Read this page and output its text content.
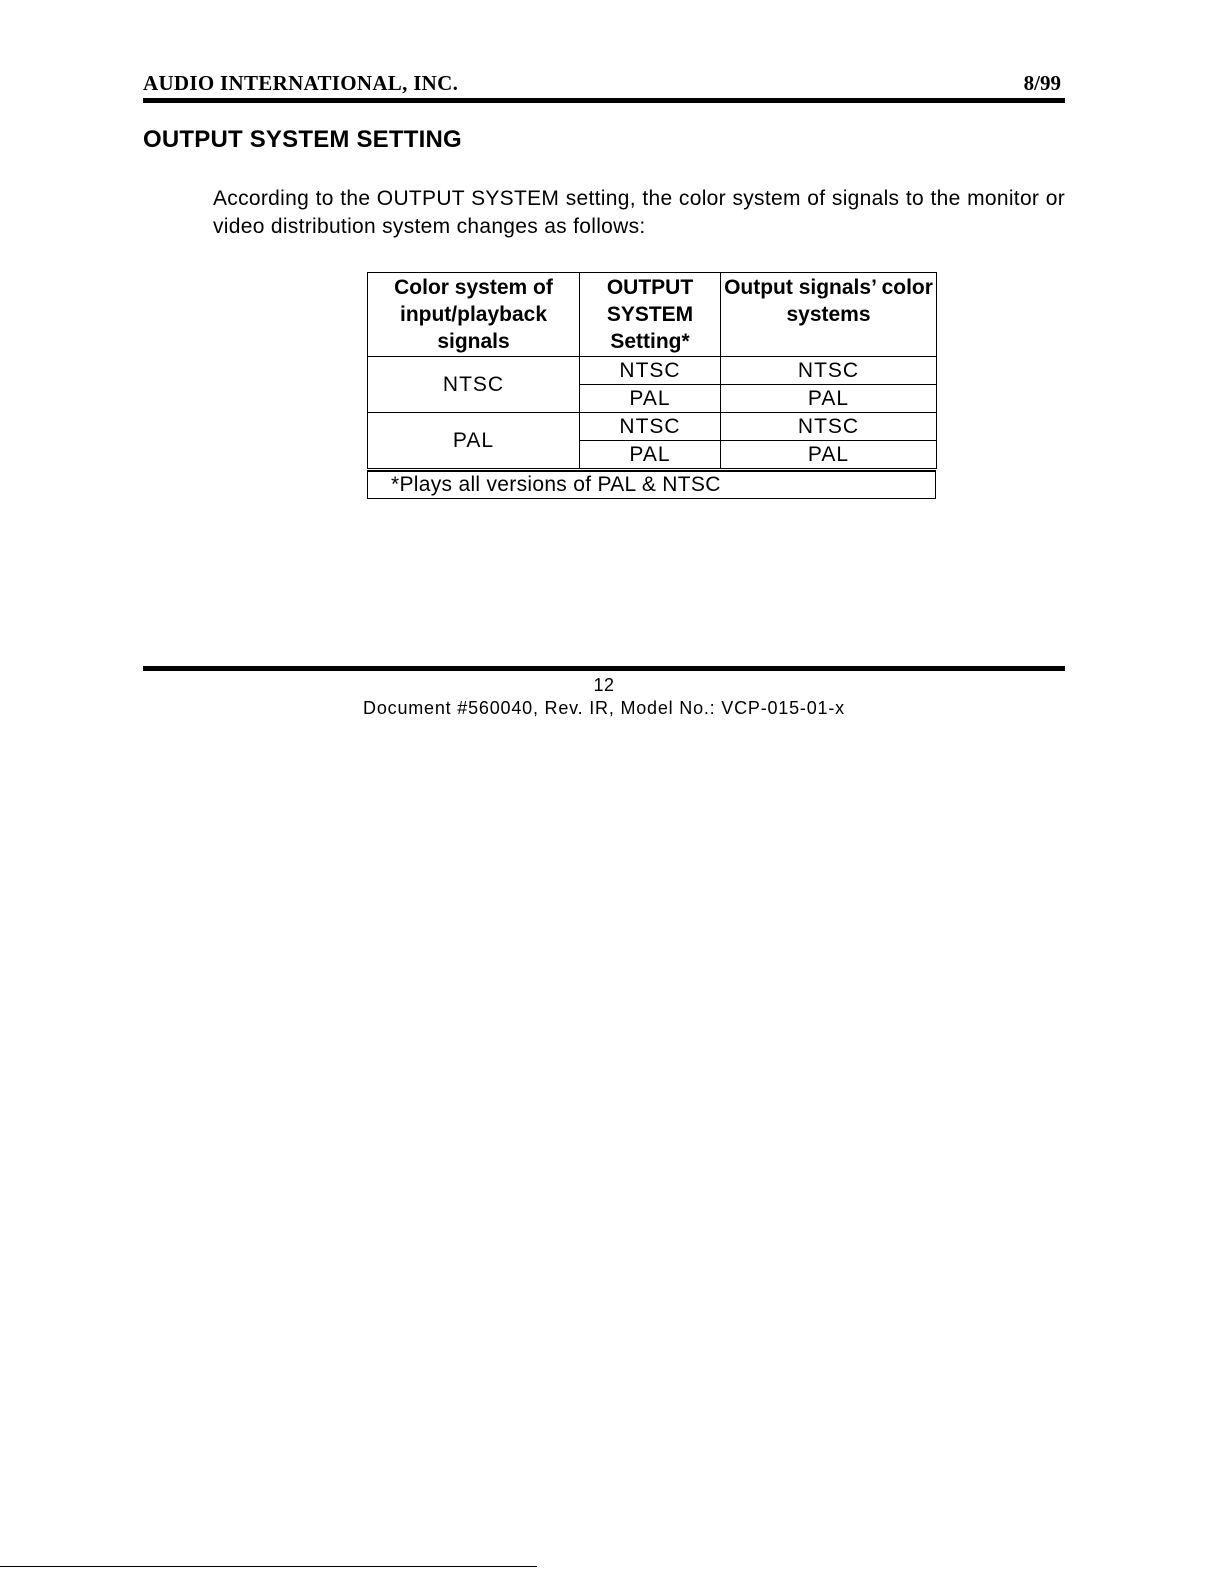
AUDIO INTERNATIONAL, INC.	8/99
OUTPUT SYSTEM SETTING

According to the OUTPUT SYSTEM setting, the color system of signals to the monitor or video distribution system changes as follows:

Color system of input/playback signals	OUTPUT SYSTEM Setting*	Output signals’ color systems
NTSC	NTSC	NTSC
	PAL	PAL
PAL	NTSC	NTSC
	PAL	PAL
*Plays all versions of PAL & NTSC
12
Document #560040, Rev. IR, Model No.: VCP-015-01-x
